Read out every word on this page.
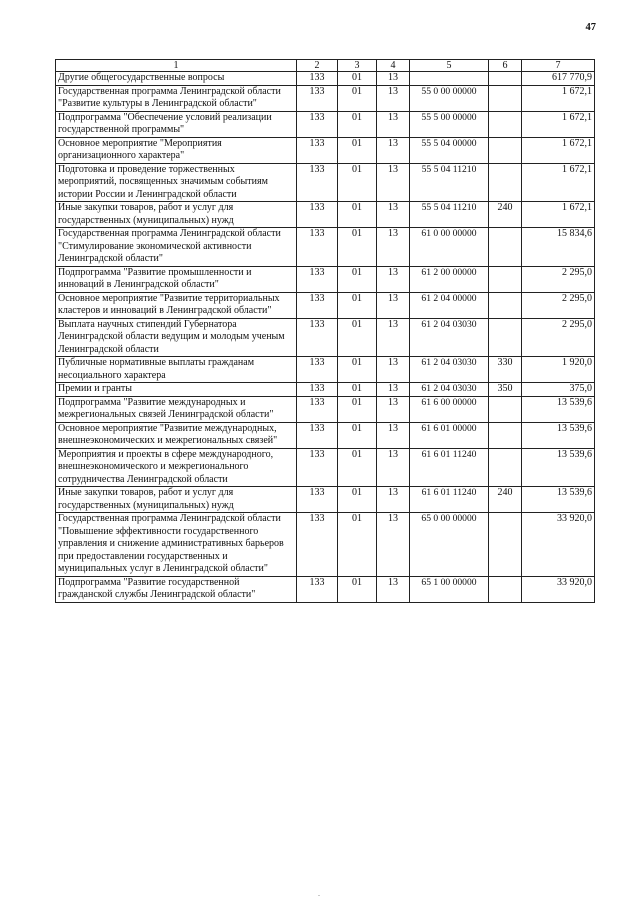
47
1	2	3	4	5	6	7
Другие общегосударственные вопросы	133	01	13			617 770,9
Государственная программа Ленинградской области "Развитие культуры в Ленинградской области"	133	01	13	55 0 00 00000		1 672,1
Подпрограмма "Обеспечение условий реализации государственной программы"	133	01	13	55 5 00 00000		1 672,1
Основное мероприятие "Мероприятия организационного характера"	133	01	13	55 5 04 00000		1 672,1
Подготовка и проведение торжественных мероприятий, посвященных значимым событиям истории России и Ленинградской области	133	01	13	55 5 04 11210		1 672,1
Иные закупки товаров, работ и услуг для государственных (муниципальных) нужд	133	01	13	55 5 04 11210	240	1 672,1
Государственная программа Ленинградской области "Стимулирование экономической активности Ленинградской области"	133	01	13	61 0 00 00000		15 834,6
Подпрограмма "Развитие промышленности и инноваций в Ленинградской области"	133	01	13	61 2 00 00000		2 295,0
Основное мероприятие "Развитие территориальных кластеров и инноваций в Ленинградской области"	133	01	13	61 2 04 00000		2 295,0
Выплата научных стипендий Губернатора Ленинградской области ведущим и молодым ученым Ленинградской области	133	01	13	61 2 04 03030		2 295,0
Публичные нормативные выплаты гражданам несоциального характера	133	01	13	61 2 04 03030	330	1 920,0
Премии и гранты	133	01	13	61 2 04 03030	350	375,0
Подпрограмма "Развитие международных и межрегиональных связей Ленинградской области"	133	01	13	61 6 00 00000		13 539,6
Основное мероприятие "Развитие международных, внешнеэкономических и межрегиональных связей"	133	01	13	61 6 01 00000		13 539,6
Мероприятия и проекты в сфере международного, внешнеэкономического и межрегионального сотрудничества Ленинградской области	133	01	13	61 6 01 11240		13 539,6
Иные закупки товаров, работ и услуг для государственных (муниципальных) нужд	133	01	13	61 6 01 11240	240	13 539,6
Государственная программа Ленинградской области "Повышение эффективности государственного управления и снижение административных барьеров при предоставлении государственных и муниципальных услуг в Ленинградской области"	133	01	13	65 0 00 00000		33 920,0
Подпрограмма "Развитие государственной гражданской службы Ленинградской области"	133	01	13	65 1 00 00000		33 920,0
.
